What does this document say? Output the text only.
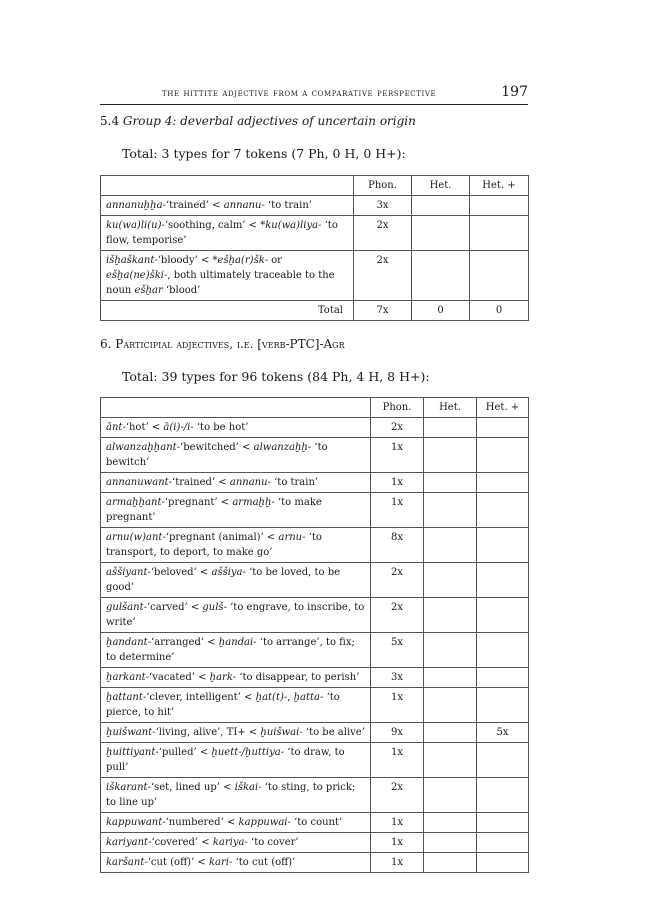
the hittite adjective from a comparative perspective	197
5.4 Group 4: deverbal adjectives of uncertain origin
Total: 3 types for 7 tokens (7 Ph, 0 H, 0 H+):
	Phon.	Het.	Het. +
annanuḫḫa-‘trained’ < annanu- ‘to train’	3x		
ku(wa)li(u)-‘soothing, calm’ < *ku(wa)liya- ‘to flow, temporise’	2x		
išḫaškant-‘bloody’ < *ešḫa(r)šk- or ešḫa(ne)ški-, both ultimately traceable to the noun ešḫar ‘blood’	2x		
Total	7x	0	0
6. Participial adjectives, i.e. [verb-PTC]-Agr
Total: 39 types for 96 tokens (84 Ph, 4 H, 8 H+):
	Phon.	Het.	Het. +
ānt-‘hot’ < ā(i)-/i- ‘to be hot’	2x		
alwanzaḫḫant-‘bewitched’ < alwanzaḫḫ- ‘to bewitch’	1x		
annanuwant-‘trained’ < annanu- ‘to train’	1x		
armaḫḫant-‘pregnant’ < armaḫḫ- ‘to make pregnant’	1x		
arnu(w)ant-‘pregnant (animal)’ < arnu- ‘to transport, to deport, to make go’	8x		
aššiyant-‘beloved’ < aššiya- ‘to be loved, to be good’	2x		
gulšant-‘carved’ < gulš- ‘to engrave, to inscribe, to write’	2x		
ḫandant-‘arranged’ < ḫandai- ‘to arrange’, to fix; to determine’	5x		
ḫarkant-‘vacated’ < ḫark- ‘to disappear, to perish’	3x		
ḫattant-‘clever, intelligent’ < ḫat(t)-, ḫatta- ‘to pierce, to hit’	1x		
ḫuišwant-‘living, alive’, TI+ < ḫuišwai- ‘to be alive’	9x		5x
ḫuittiyant-‘pulled’ < ḫuett-/ḫuttiya- ‘to draw, to pull’	1x		
iškarant-‘set, lined up’ < iškai- ‘to sting, to prick; to line up’	2x		
kappuwant-‘numbered’ < kappuwai- ‘to count’	1x		
kariyant-‘covered’ < kariya- ‘to cover’	1x		
karšant-‘cut (off)’ < kari- ‘to cut (off)’	1x		
